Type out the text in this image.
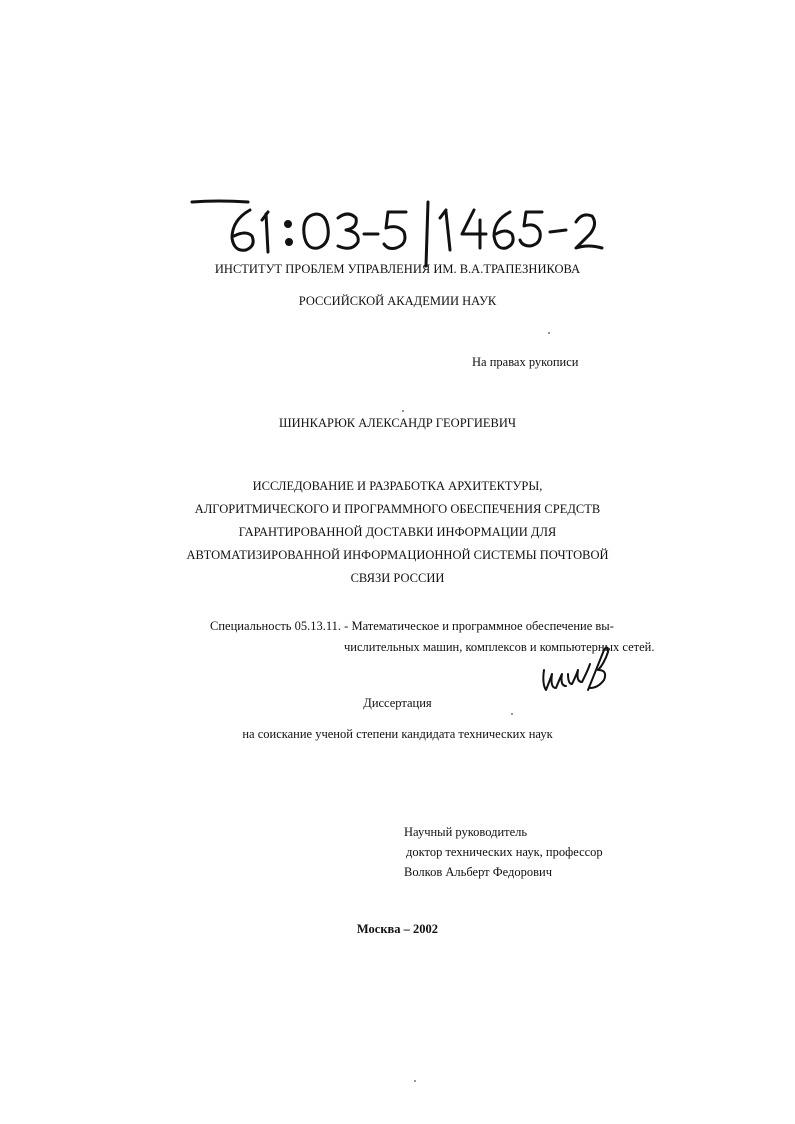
ИНСТИТУТ ПРОБЛЕМ УПРАВЛЕНИЯ ИМ. В.А.ТРАПЕЗНИКОВА
РОССИЙСКОЙ АКАДЕМИИ НАУК
На правах рукописи
ШИНКАРЮК АЛЕКСАНДР ГЕОРГИЕВИЧ
ИССЛЕДОВАНИЕ И РАЗРАБОТКА АРХИТЕКТУРЫ,
АЛГОРИТМИЧЕСКОГО И ПРОГРАММНОГО ОБЕСПЕЧЕНИЯ СРЕДСТВ
ГАРАНТИРОВАННОЙ ДОСТАВКИ ИНФОРМАЦИИ ДЛЯ
АВТОМАТИЗИРОВАННОЙ ИНФОРМАЦИОННОЙ СИСТЕМЫ ПОЧТОВОЙ
СВЯЗИ РОССИИ
Специальность 05.13.11. - Математическое и программное обеспечение вы-
числительных машин, комплексов и компьютерных сетей.
Диссертация
на соискание ученой степени кандидата технических наук
Научный руководитель
доктор технических наук, профессор
Волков Альберт Федорович
Москва – 2002
